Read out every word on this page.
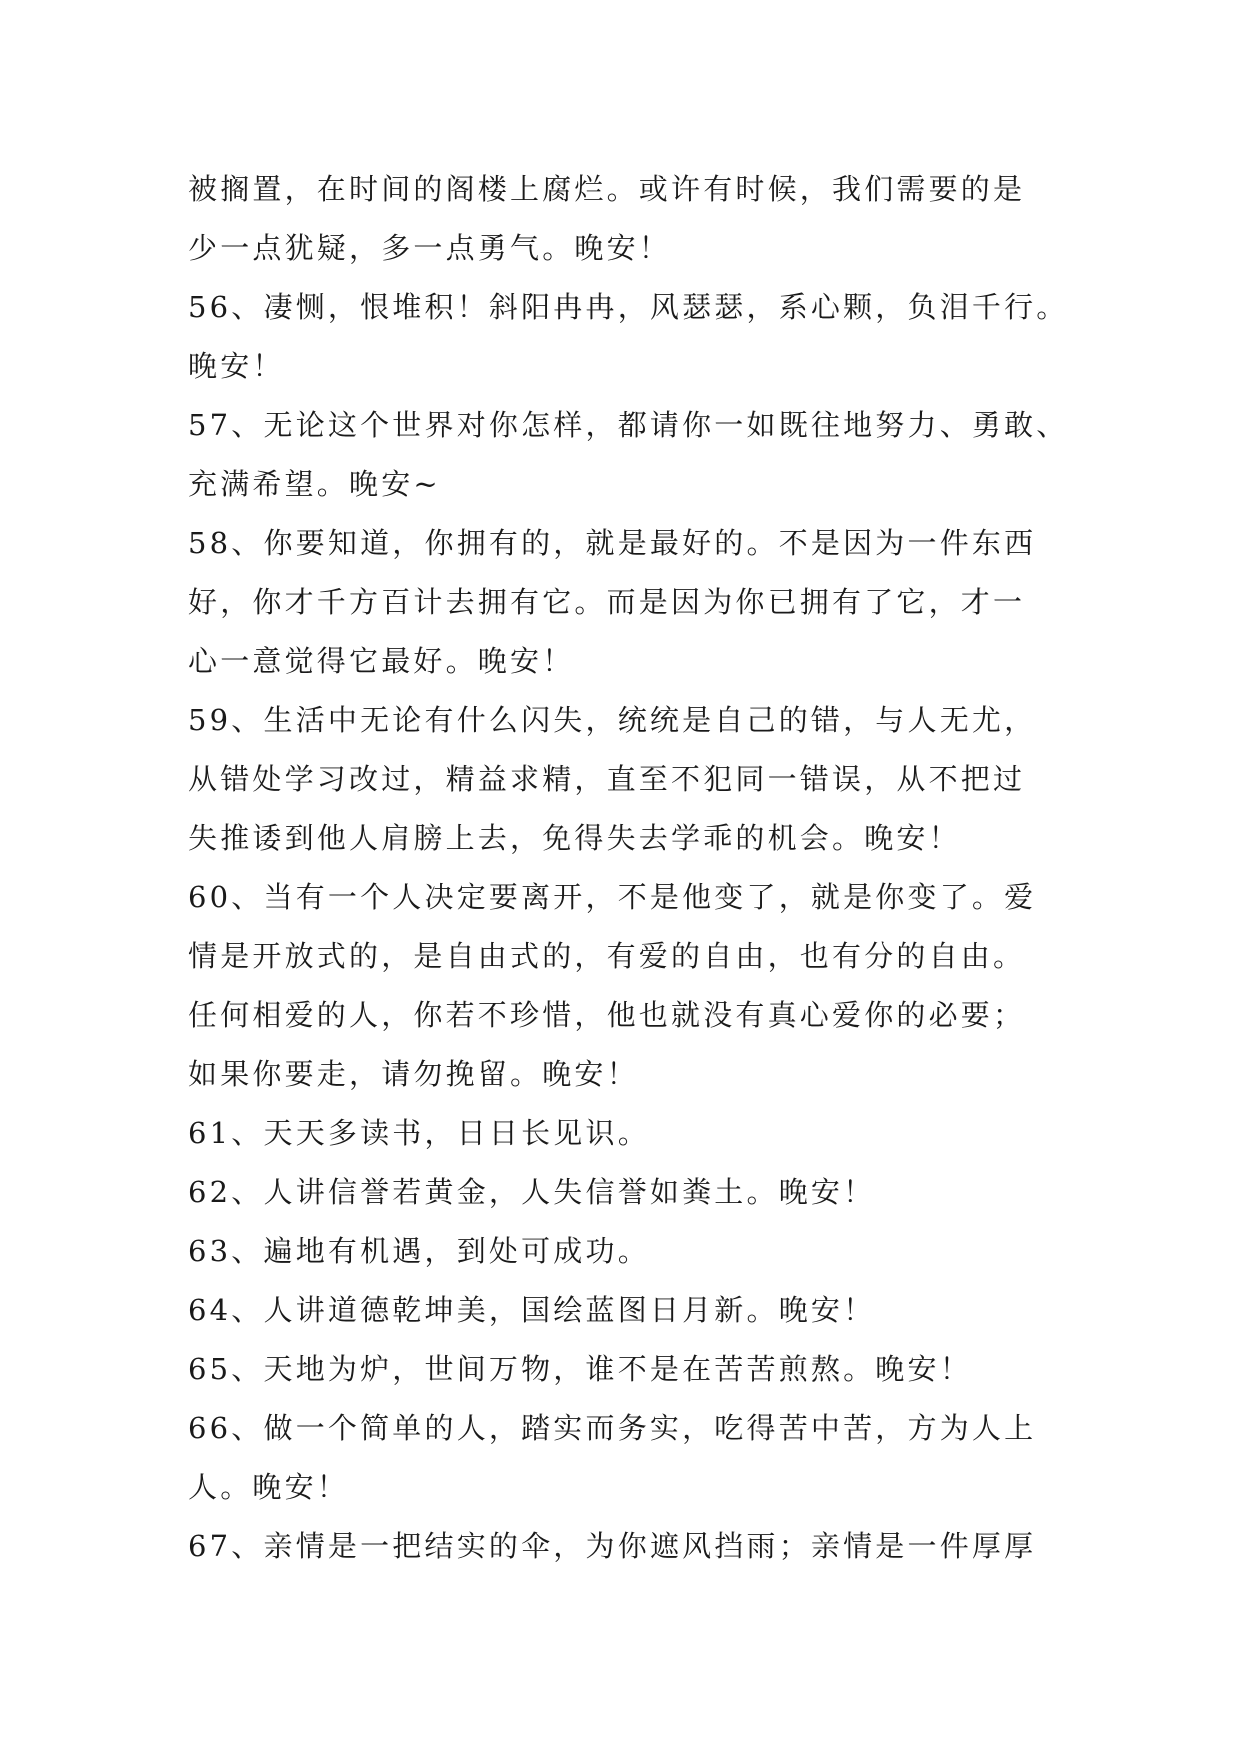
被搁置，在时间的阁楼上腐烂。或许有时候，我们需要的是
少一点犹疑，多一点勇气。晚安！
56、凄恻，恨堆积！斜阳冉冉，风瑟瑟，系心颗，负泪千行。
晚安！
57、无论这个世界对你怎样，都请你一如既往地努力、勇敢、
充满希望。晚安~
58、你要知道，你拥有的，就是最好的。不是因为一件东西
好，你才千方百计去拥有它。而是因为你已拥有了它，才一
心一意觉得它最好。晚安！
59、生活中无论有什么闪失，统统是自己的错，与人无尤，
从错处学习改过，精益求精，直至不犯同一错误，从不把过
失推诿到他人肩膀上去，免得失去学乖的机会。晚安！
60、当有一个人决定要离开，不是他变了，就是你变了。爱
情是开放式的，是自由式的，有爱的自由，也有分的自由。
任何相爱的人，你若不珍惜，他也就没有真心爱你的必要；
如果你要走，请勿挽留。晚安！
61、天天多读书，日日长见识。
62、人讲信誉若黄金，人失信誉如粪土。晚安！
63、遍地有机遇，到处可成功。
64、人讲道德乾坤美，国绘蓝图日月新。晚安！
65、天地为炉，世间万物，谁不是在苦苦煎熬。晚安！
66、做一个简单的人，踏实而务实，吃得苦中苦，方为人上
人。晚安！
67、亲情是一把结实的伞，为你遮风挡雨；亲情是一件厚厚
